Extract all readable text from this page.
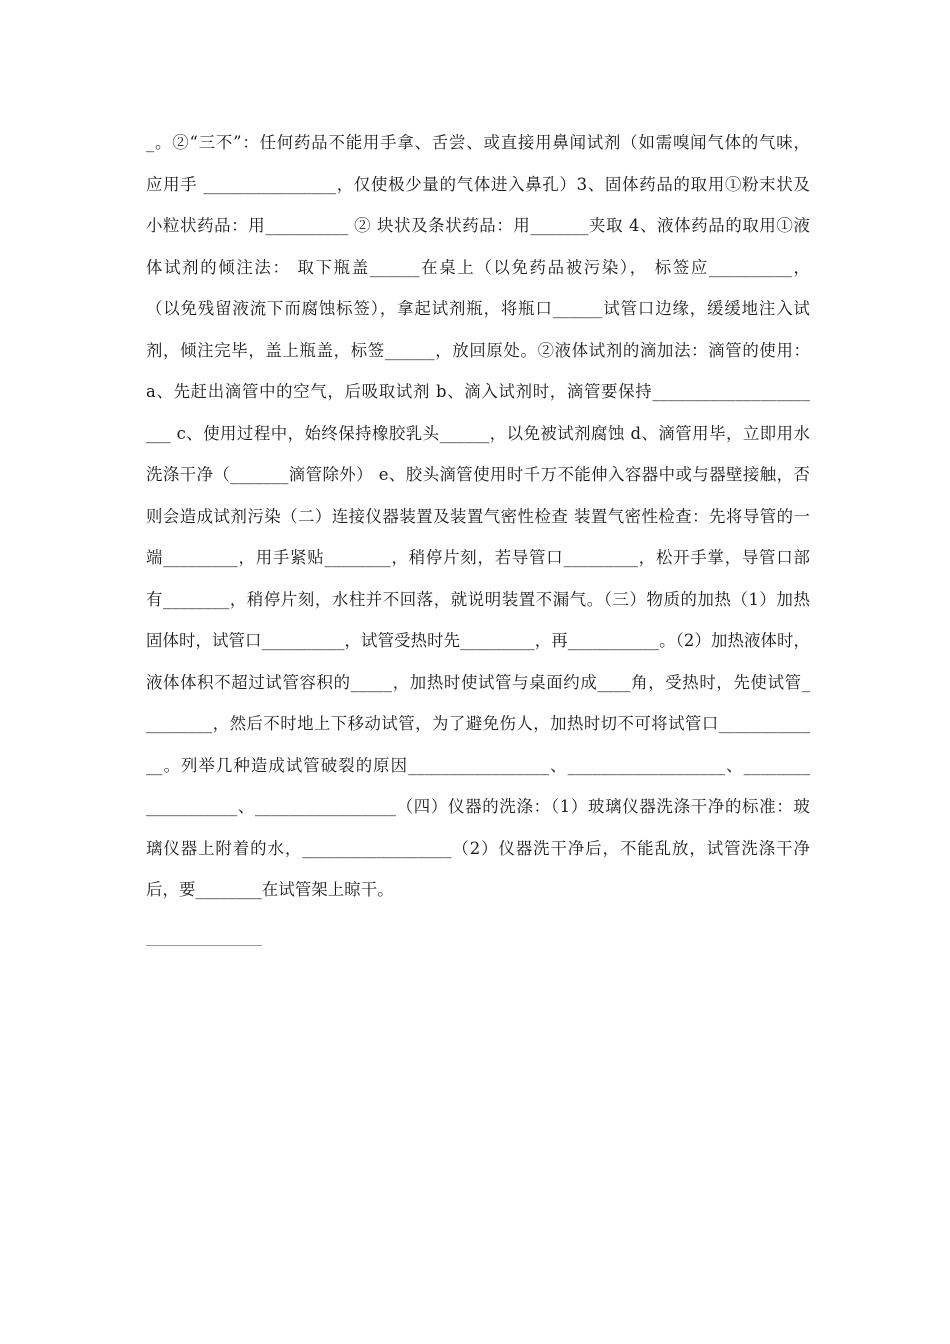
_。②“三不”：任何药品不能用手拿、舌尝、或直接用鼻闻试剂（如需嗅闻气体的气味，
应用手 ________________，仅使极少量的气体进入鼻孔）3、固体药品的取用①粉末状及
小粒状药品：用__________ ② 块状及条状药品：用_______夹取 4、液体药品的取用①液
体试剂的倾注法： 取下瓶盖______在桌上（以免药品被污染）， 标签应__________，
（以免残留液流下而腐蚀标签），拿起试剂瓶，将瓶口______试管口边缘，缓缓地注入试
剂，倾注完毕，盖上瓶盖，标签______，放回原处。②液体试剂的滴加法：滴管的使用：
a、先赶出滴管中的空气，后吸取试剂 b、滴入试剂时，滴管要保持___________________
___ c、使用过程中，始终保持橡胶乳头______，以免被试剂腐蚀 d、滴管用毕，立即用水
洗涤干净（_______滴管除外） e、胶头滴管使用时千万不能伸入容器中或与器壁接触，否
则会造成试剂污染（二）连接仪器装置及装置气密性检查 装置气密性检查：先将导管的一
端_________，用手紧贴________，稍停片刻，若导管口_________，松开手掌，导管口部
有________，稍停片刻，水柱并不回落，就说明装置不漏气。（三）物质的加热（1）加热
固体时，试管口__________，试管受热时先_________，再___________。（2）加热液体时，
液体体积不超过试管容积的_____，加热时使试管与桌面约成____角，受热时，先使试管_
________，然后不时地上下移动试管，为了避免伤人，加热时切不可将试管口___________
__。列举几种造成试管破裂的原因_________________、___________________、________
___________、_________________（四）仪器的洗涤：（1）玻璃仪器洗涤干净的标准：玻
璃仪器上附着的水，__________________（2）仪器洗干净后，不能乱放，试管洗涤干净
后，要________在试管架上晾干。
